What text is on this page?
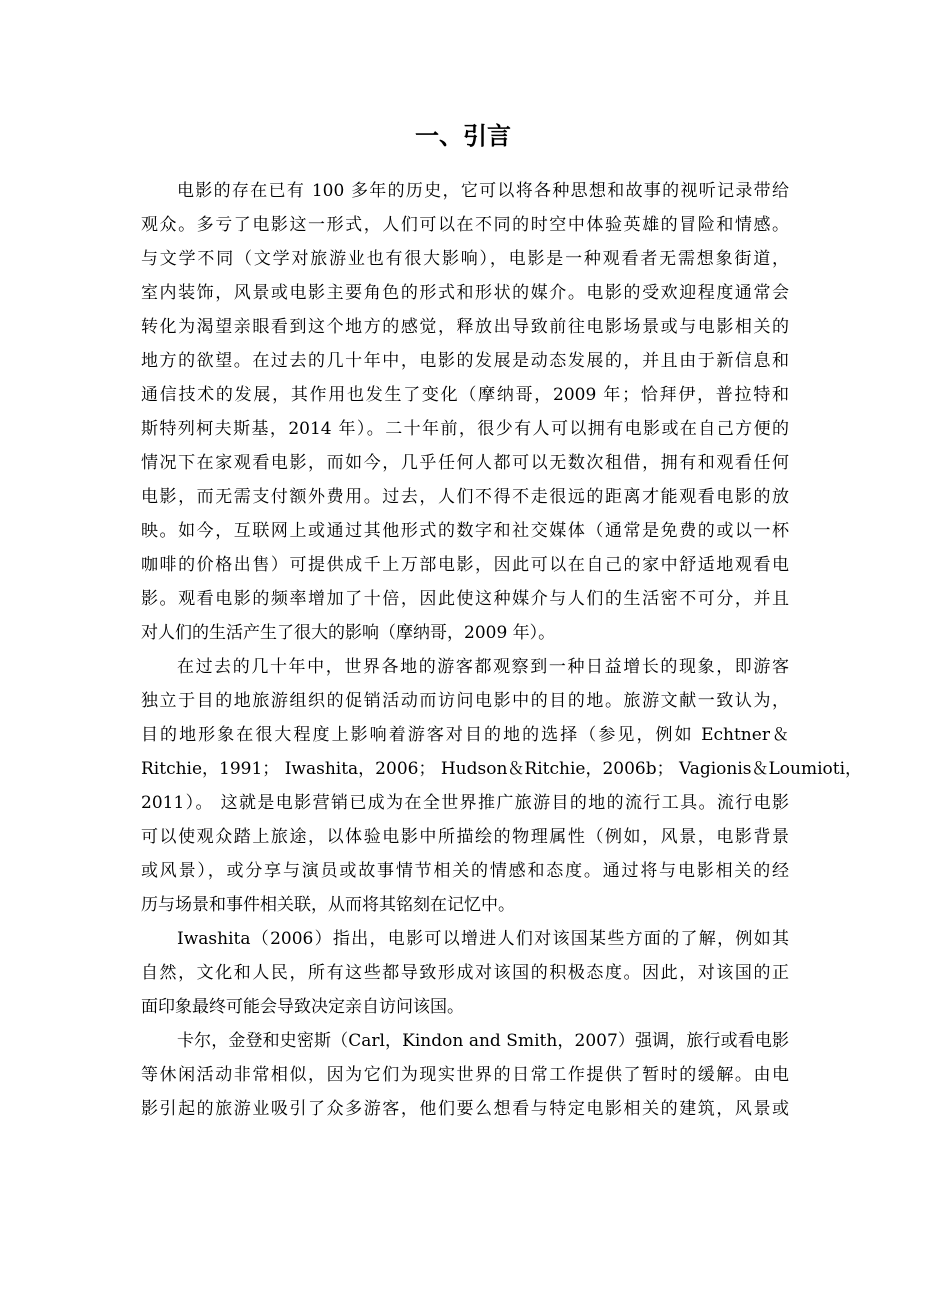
一、引言
电影的存在已有 100 多年的历史，它可以将各种思想和故事的视听记录带给
观众。多亏了电影这一形式，人们可以在不同的时空中体验英雄的冒险和情感。
与文学不同（文学对旅游业也有很大影响），电影是一种观看者无需想象街道，
室内装饰，风景或电影主要角色的形式和形状的媒介。电影的受欢迎程度通常会
转化为渴望亲眼看到这个地方的感觉，释放出导致前往电影场景或与电影相关的
地方的欲望。在过去的几十年中，电影的发展是动态发展的，并且由于新信息和
通信技术的发展，其作用也发生了变化（摩纳哥，2009 年；恰拜伊，普拉特和
斯特列柯夫斯基，2014 年）。二十年前，很少有人可以拥有电影或在自己方便的
情况下在家观看电影，而如今，几乎任何人都可以无数次租借，拥有和观看任何
电影，而无需支付额外费用。过去，人们不得不走很远的距离才能观看电影的放
映。如今，互联网上或通过其他形式的数字和社交媒体（通常是免费的或以一杯
咖啡的价格出售）可提供成千上万部电影，因此可以在自己的家中舒适地观看电
影。观看电影的频率增加了十倍，因此使这种媒介与人们的生活密不可分，并且
对人们的生活产生了很大的影响（摩纳哥，2009 年）。
在过去的几十年中，世界各地的游客都观察到一种日益增长的现象，即游客
独立于目的地旅游组织的促销活动而访问电影中的目的地。旅游文献一致认为，
目的地形象在很大程度上影响着游客对目的地的选择（参见，例如 Echtner＆
Ritchie，1991； Iwashita，2006； Hudson＆Ritchie，2006b； Vagionis＆Loumioti，
2011）。 这就是电影营销已成为在全世界推广旅游目的地的流行工具。流行电影
可以使观众踏上旅途，以体验电影中所描绘的物理属性（例如，风景，电影背景
或风景），或分享与演员或故事情节相关的情感和态度。通过将与电影相关的经
历与场景和事件相关联，从而将其铭刻在记忆中。
Iwashita（2006）指出，电影可以增进人们对该国某些方面的了解，例如其
自然，文化和人民，所有这些都导致形成对该国的积极态度。因此，对该国的正
面印象最终可能会导致决定亲自访问该国。
卡尔，金登和史密斯（Carl，Kindon and Smith，2007）强调，旅行或看电影
等休闲活动非常相似，因为它们为现实世界的日常工作提供了暂时的缓解。由电
影引起的旅游业吸引了众多游客，他们要么想看与特定电影相关的建筑，风景或
